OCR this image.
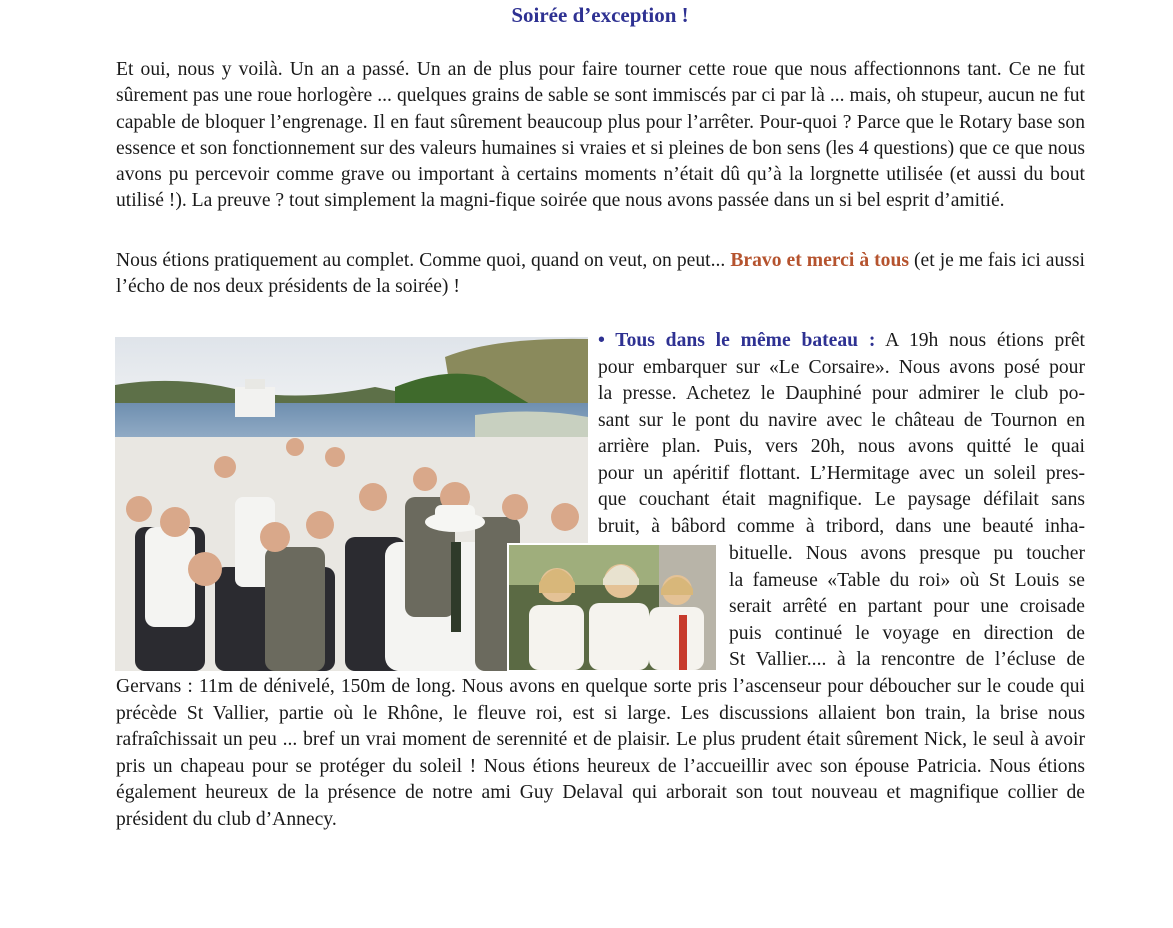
Soirée d’exception !

Et oui, nous y voilà. Un an a passé. Un an de plus pour faire tourner cette roue que nous affectionnons tant. Ce ne fut sûrement pas une roue horlogère ... quelques grains de sable se sont immiscés par ci par là ... mais, oh stupeur, aucun ne fut capable de bloquer l’engrenage. Il en faut sûrement beaucoup plus pour l’arrêter. Pour-quoi ? Parce que le Rotary base son essence et son fonctionnement sur des valeurs humaines si vraies et si pleines de bon sens (les 4 questions) que ce que nous avons pu percevoir comme grave ou important à certains moments n’était dû qu’à la lorgnette utilisée (et aussi du bout utilisé !). La preuve ? tout simplement la magni-fique soirée que nous avons passée dans un si bel esprit d’amitié.

Nous étions pratiquement au complet. Comme quoi, quand on veut, on peut... Bravo et merci à tous (et je me fais ici aussi l’écho de nos deux présidents de la soirée) !

• Tous dans le même bateau : A 19h nous étions prêt
pour embarquer sur «Le Corsaire». Nous avons posé pour
la presse. Achetez le Dauphiné pour admirer le club po-
sant sur le pont du navire avec le château de Tournon en
arrière plan. Puis, vers 20h, nous avons quitté le quai
pour un apéritif flottant. L’Hermitage avec un soleil pres-
que couchant était magnifique. Le paysage défilait sans
bruit, à bâbord comme à tribord, dans une beauté inha-

bituelle. Nous avons presque pu toucher
la fameuse «Table du roi» où St Louis se
serait arrêté en partant pour une croisade
puis continué le voyage en direction de
St Vallier.... à la rencontre de l’écluse de

Gervans : 11m de dénivelé, 150m de long. Nous avons en quelque sorte pris l’ascenseur pour déboucher sur le coude qui précède St Vallier, partie où le Rhône, le fleuve roi, est si large. Les discussions allaient bon train, la brise nous rafraîchissait un peu ... bref un vrai moment de serennité et de plaisir. Le plus prudent était sûrement Nick, le seul à avoir pris un chapeau pour se protéger du soleil ! Nous étions heureux de l’accueillir avec son épouse Patricia. Nous étions également heureux de la présence de notre ami Guy Delaval qui arborait son tout nouveau et magnifique collier de président du club d’Annecy.
